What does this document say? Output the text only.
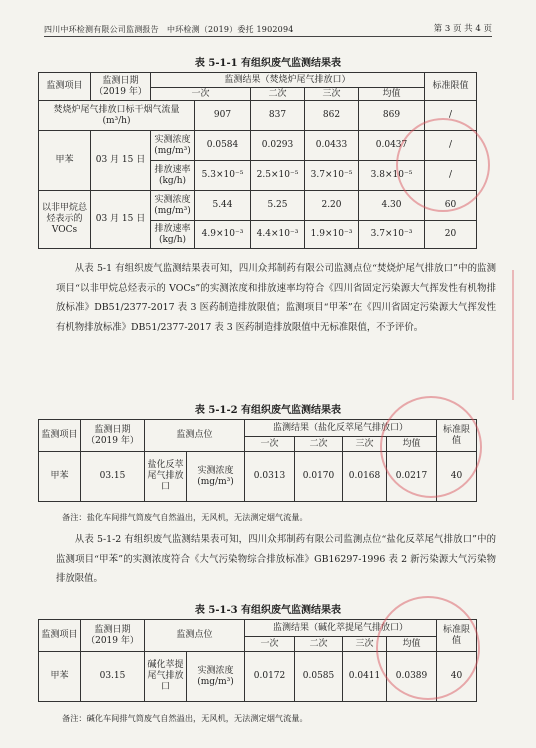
四川中环检测有限公司监测报告　中环检测（2019）委托 1902094	第 3 页 共 4 页
表 5-1-1 有组织废气监测结果表
监测项目	监测日期（2019 年）	监测结果（焚烧炉尾气排放口）					标准限值
		一次		二次	三次	均值	
焚烧炉尾气排放口标干烟气流量(m³/h)			907	837	862	869	/
甲苯	03 月 15 日	实测浓度(mg/m³)	0.0584	0.0293	0.0433	0.0437	/
		排放速率(kg/h)	5.3×10⁻⁵	2.5×10⁻⁵	3.7×10⁻⁵	3.8×10⁻⁵	/
以非甲烷总烃表示的 VOCs	03 月 15 日	实测浓度(mg/m³)	5.44	5.25	2.20	4.30	60
		排放速率(kg/h)	4.9×10⁻³	4.4×10⁻³	1.9×10⁻³	3.7×10⁻³	20
从表 5-1 有组织废气监测结果表可知，四川众邦制药有限公司监测点位“焚烧炉尾气排放口”中的监测项目“以非甲烷总烃表示的 VOCs”的实测浓度和排放速率均符合《四川省固定污染源大气挥发性有机物排放标准》DB51/2377-2017 表 3 医药制造排放限值；监测项目“甲苯”在《四川省固定污染源大气挥发性有机物排放标准》DB51/2377-2017 表 3 医药制造排放限值中无标准限值，不予评价。
表 5-1-2 有组织废气监测结果表
监测项目	监测日期（2019 年）	监测点位		监测结果（盐化反萃尾气排放口）				标准限值
				一次	二次	三次	均值	
甲苯	03.15	盐化反萃尾气排放口	实测浓度(mg/m³)	0.0313	0.0170	0.0168	0.0217	40
备注：盐化车间排气筒废气自然溢出，无风机，无法测定烟气流量。
从表 5-1-2 有组织废气监测结果表可知，四川众邦制药有限公司监测点位“盐化反萃尾气排放口”中的监测项目“甲苯”的实测浓度符合《大气污染物综合排放标准》GB16297-1996 表 2 新污染源大气污染物排放限值。
表 5-1-3 有组织废气监测结果表
监测项目	监测日期（2019 年）	监测点位		监测结果（碱化萃提尾气排放口）				标准限值
				一次	二次	三次	均值	
甲苯	03.15	碱化萃提尾气排放口	实测浓度(mg/m³)	0.0172	0.0585	0.0411	0.0389	40
备注：碱化车间排气筒废气自然溢出，无风机，无法测定烟气流量。
